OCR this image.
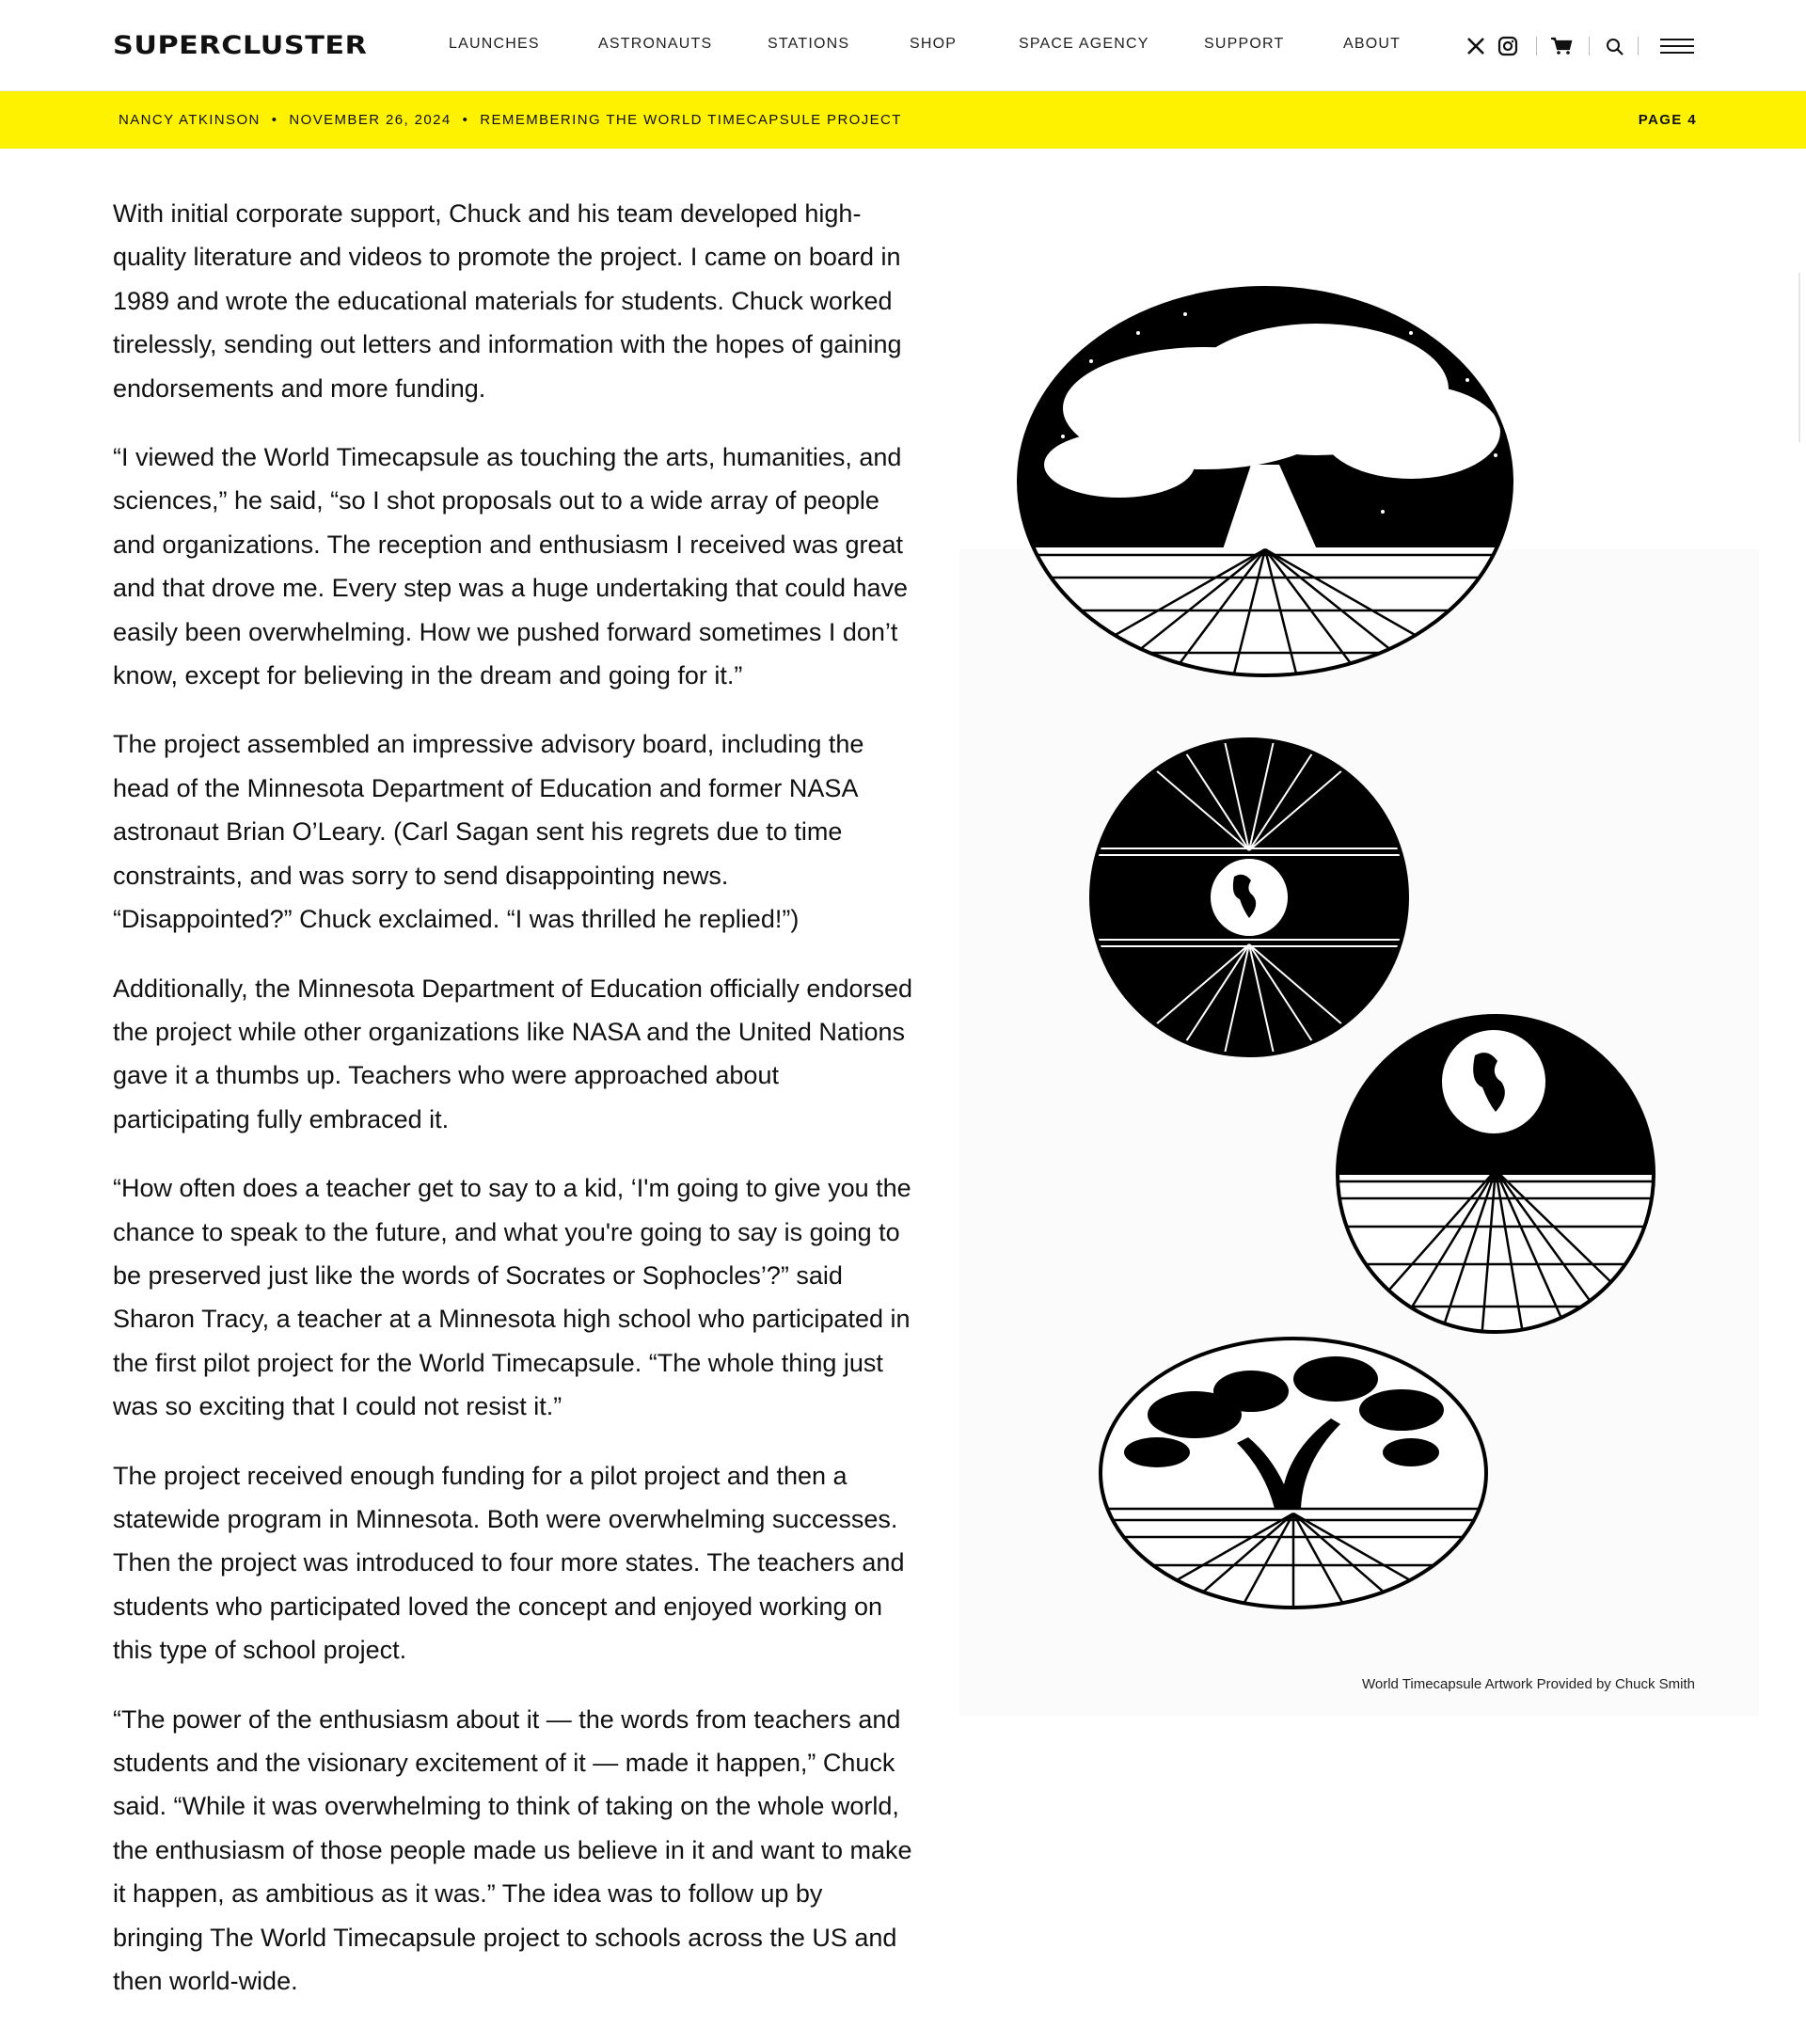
SUPERCLUSTER	LAUNCHES	ASTRONAUTS	STATIONS	SHOP	SPACE AGENCY	SUPPORT	ABOUT
NANCY ATKINSON • NOVEMBER 26, 2024 • REMEMBERING THE WORLD TIMECAPSULE PROJECT	PAGE 4

With initial corporate support, Chuck and his team developed high-quality literature and videos to promote the project. I came on board in 1989 and wrote the educational materials for students. Chuck worked tirelessly, sending out letters and information with the hopes of gaining endorsements and more funding.

“I viewed the World Timecapsule as touching the arts, humanities, and sciences,” he said, “so I shot proposals out to a wide array of people and organizations. The reception and enthusiasm I received was great and that drove me. Every step was a huge undertaking that could have easily been overwhelming. How we pushed forward sometimes I don’t know, except for believing in the dream and going for it.”

The project assembled an impressive advisory board, including the head of the Minnesota Department of Education and former NASA astronaut Brian O’Leary. (Carl Sagan sent his regrets due to time constraints, and was sorry to send disappointing news. “Disappointed?” Chuck exclaimed. “I was thrilled he replied!”)

Additionally, the Minnesota Department of Education officially endorsed the project while other organizations like NASA and the United Nations gave it a thumbs up. Teachers who were approached about participating fully embraced it.

“How often does a teacher get to say to a kid, ‘I'm going to give you the chance to speak to the future, and what you're going to say is going to be preserved just like the words of Socrates or Sophocles’?” said Sharon Tracy, a teacher at a Minnesota high school who participated in the first pilot project for the World Timecapsule. “The whole thing just was so exciting that I could not resist it.”

The project received enough funding for a pilot project and then a statewide program in Minnesota. Both were overwhelming successes. Then the project was introduced to four more states. The teachers and students who participated loved the concept and enjoyed working on this type of school project.

“The power of the enthusiasm about it — the words from teachers and students and the visionary excitement of it — made it happen,” Chuck said. “While it was overwhelming to think of taking on the whole world, the enthusiasm of those people made us believe in it and want to make it happen, as ambitious as it was.” The idea was to follow up by bringing The World Timecapsule project to schools across the US and then world-wide.

World Timecapsule Artwork Provided by Chuck Smith
